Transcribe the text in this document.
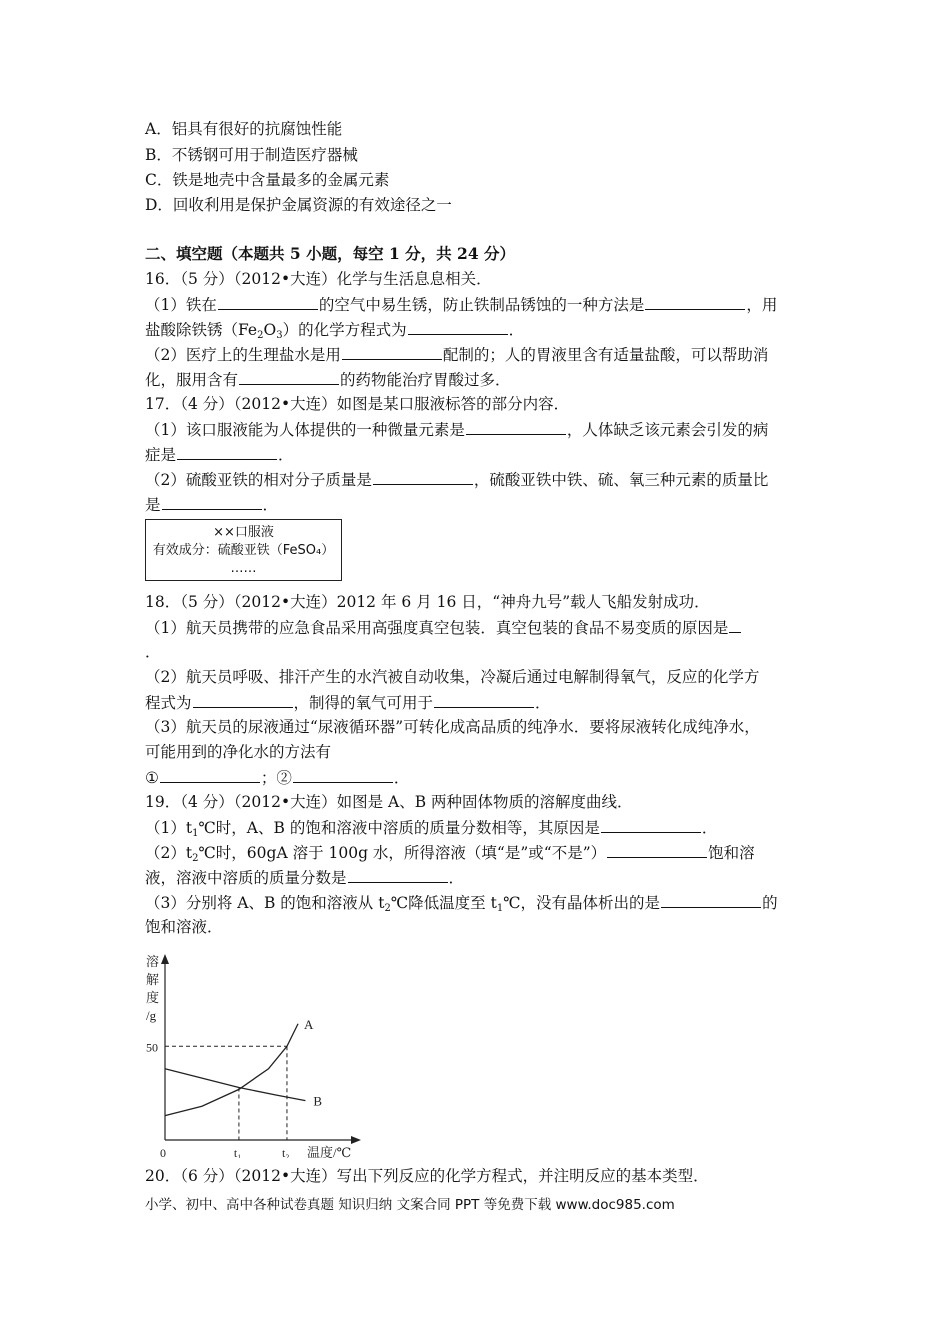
A．铝具有很好的抗腐蚀性能
B．不锈钢可用于制造医疗器械
C．铁是地壳中含量最多的金属元素
D．回收利用是保护金属资源的有效途径之一
二、填空题（本题共 5 小题，每空 1 分，共 24 分）
16．（5 分）（2012•大连）化学与生活息息相关．
（1）铁在	的空气中易生锈，防止铁制品锈蚀的一种方法是	，用
盐酸除铁锈$(Fe_2O_3)$的化学方程式为	．
（2）医疗上的生理盐水是用	配制的；人的胃液里含有适量盐酸，可以帮助消
化，服用含有	的药物能治疗胃酸过多．
17．（4 分）（2012•大连）如图是某口服液标答的部分内容．
（1）该口服液能为人体提供的一种微量元素是	，人体缺乏该元素会引发的病
症是	．
（2）硫酸亚铁的相对分子质量是	，硫酸亚铁中铁、硫、氧三种元素的质量比
是	．
××口服液
有效成分：硫酸亚铁（FeSO₄）
……
18．（5 分）（2012•大连）2012 年 6 月 16 日，“神舟九号”载人飞船发射成功．
（1）航天员携带的应急食品采用高强度真空包装．真空包装的食品不易变质的原因是
．
（2）航天员呼吸、排汗产生的水汽被自动收集，冷凝后通过电解制得氧气，反应的化学方
程式为	，制得的氧气可用于	．
（3）航天员的尿液通过“尿液循环器”可转化成高品质的纯净水．要将尿液转化成纯净水，
可能用到的净化水的方法有
①	；②	．
19．（4 分）（2012•大连）如图是 A、B 两种固体物质的溶解度曲线．
$(1)t_1℃$时，A、B 的饱和溶液中溶质的质量分数相等，其原因是	．
$(2)t_2℃$时，60gA 溶于 100g 水，所得溶液（填“是”或“不是”）	饱和溶
液，溶液中溶质的质量分数是	．
（3）分别将 A、B 的饱和溶液从 $t_2℃$降低温度至 $t_1℃$，没有晶体析出的是	的
饱和溶液．
溶
解
度
/g
50
0	t₁	t₂ 温度/℃
A
B
20．（6 分）（2012•大连）写出下列反应的化学方程式，并注明反应的基本类型．
小学、初中、高中各种试卷真题 知识归纳 文案合同 PPT 等免费下载 www.doc985.com
